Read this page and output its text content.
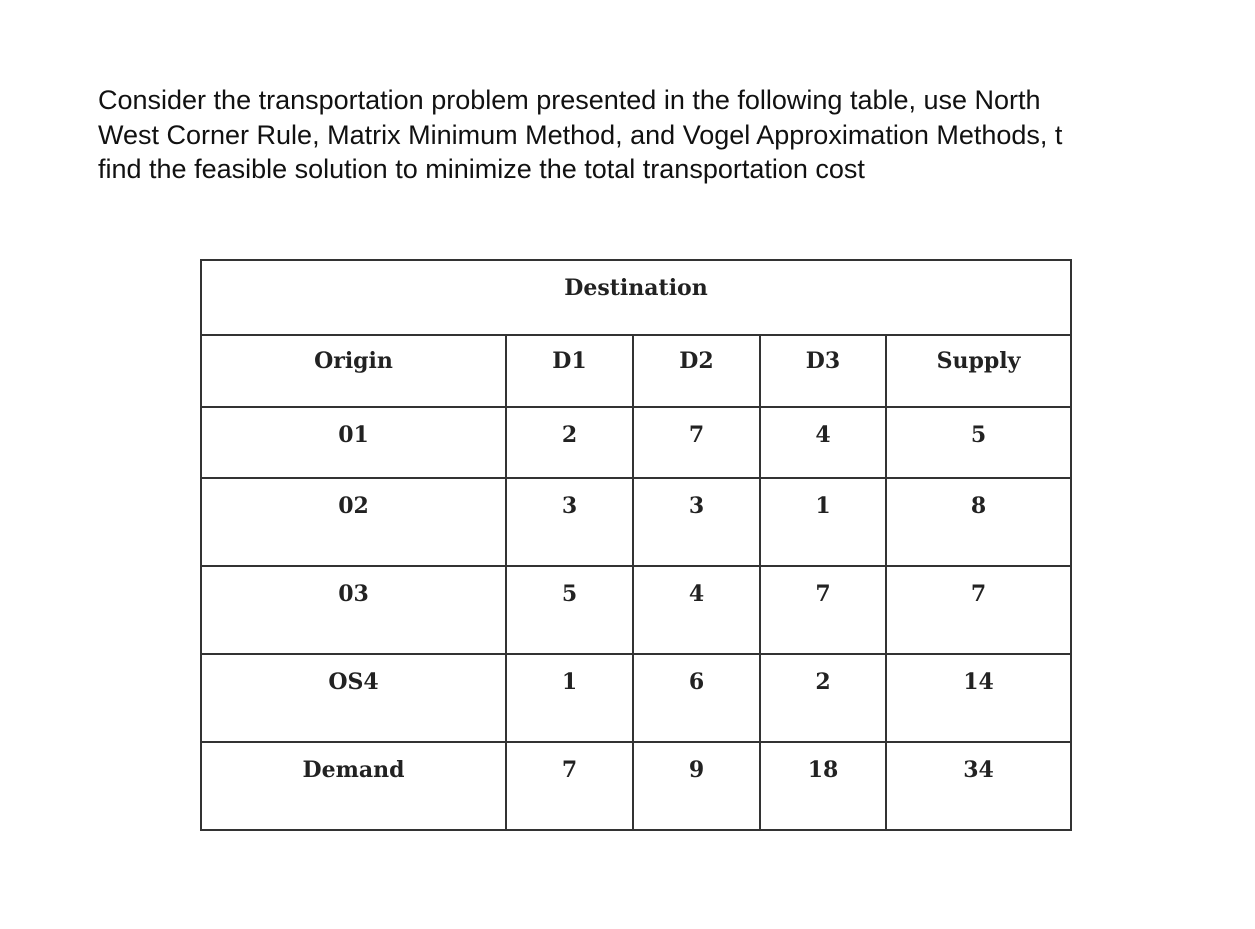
Consider the transportation problem presented in the following table, use North
West Corner Rule, Matrix Minimum Method, and Vogel Approximation Methods, t
find the feasible solution to minimize the total transportation cost
Destination				

Origin	D1	D2	D3	Supply

01	2	7	4	5

02	3	3	1	8

03	5	4	7	7

OS4	1	6	2	14

Demand	7	9	18	34
